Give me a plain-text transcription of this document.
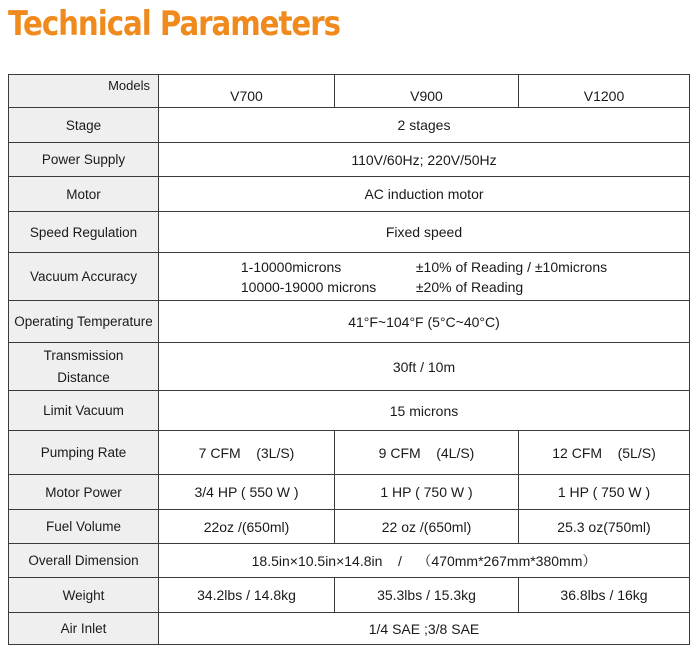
Technical Parameters
Models	V700	V900	V1200
Stage	2 stages		
Power Supply	110V/60Hz; 220V/50Hz		
Motor	AC induction motor		
Speed Regulation	Fixed speed		
Vacuum Accuracy	1-10000microns ±10% of Reading / ±10microns
10000-19000 microns ±20% of Reading		

Operating Temperature	41°F~104°F (5°C~40°C)		

Transmission
Distance	30ft / 10m		
Limit Vacuum	15 microns		
Pumping Rate	7 CFM    (3L/S)	9 CFM    (4L/S)	12 CFM    (5L/S)
Motor Power	3/4 HP ( 550 W )	1 HP ( 750 W )	1 HP ( 750 W )
Fuel Volume	22oz /(650ml)	22 oz /(650ml)	25.3 oz(750ml)
Overall Dimension	18.5in×10.5in×14.8in    /    （470mm*267mm*380mm）		
Weight	34.2lbs / 14.8kg	35.3lbs / 15.3kg	36.8lbs / 16kg
Air Inlet	1/4 SAE ;3/8 SAE		
